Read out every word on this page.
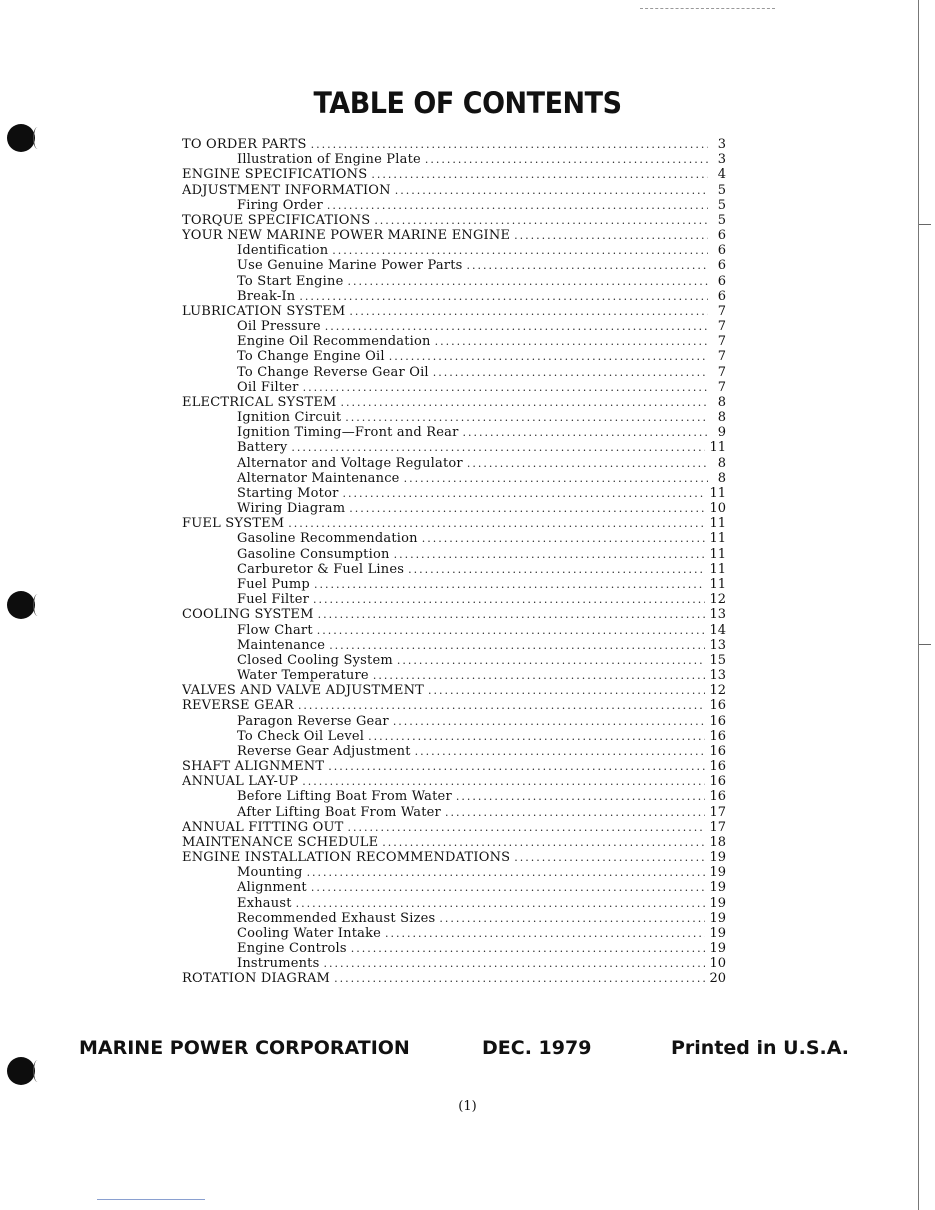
TABLE OF CONTENTS
TO ORDER PARTS .....	3
Illustration of Engine Plate .....	3
ENGINE SPECIFICATIONS .....	4
ADJUSTMENT INFORMATION .....	5
Firing Order .....	5
TORQUE SPECIFICATIONS .....	5
YOUR NEW MARINE POWER MARINE ENGINE .....	6
Identification .....	6
Use Genuine Marine Power Parts .....	6
To Start Engine .....	6
Break-In .....	6
LUBRICATION SYSTEM .....	7
Oil Pressure .....	7
Engine Oil Recommendation .....	7
To Change Engine Oil .....	7
To Change Reverse Gear Oil .....	7
Oil Filter .....	7
ELECTRICAL SYSTEM .....	8
Ignition Circuit .....	8
Ignition Timing—Front and Rear .....	9
Battery .....	11
Alternator and Voltage Regulator .....	8
Alternator Maintenance .....	8
Starting Motor .....	11
Wiring Diagram .....	10
FUEL SYSTEM .....	11
Gasoline Recommendation .....	11
Gasoline Consumption .....	11
Carburetor & Fuel Lines .....	11
Fuel Pump .....	11
Fuel Filter .....	12
COOLING SYSTEM .....	13
Flow Chart .....	14
Maintenance .....	13
Closed Cooling System .....	15
Water Temperature .....	13
VALVES AND VALVE ADJUSTMENT .....	12
REVERSE GEAR .....	16
Paragon Reverse Gear .....	16
To Check Oil Level .....	16
Reverse Gear Adjustment .....	16
SHAFT ALIGNMENT .....	16
ANNUAL LAY-UP .....	16
Before Lifting Boat From Water .....	16
After Lifting Boat From Water .....	17
ANNUAL FITTING OUT .....	17
MAINTENANCE SCHEDULE .....	18
ENGINE INSTALLATION RECOMMENDATIONS .....	19
Mounting .....	19
Alignment .....	19
Exhaust .....	19
Recommended Exhaust Sizes .....	19
Cooling Water Intake .....	19
Engine Controls .....	19
Instruments .....	10
ROTATION DIAGRAM .....	20
MARINE POWER CORPORATION	DEC. 1979	Printed in U.S.A.
(1)
